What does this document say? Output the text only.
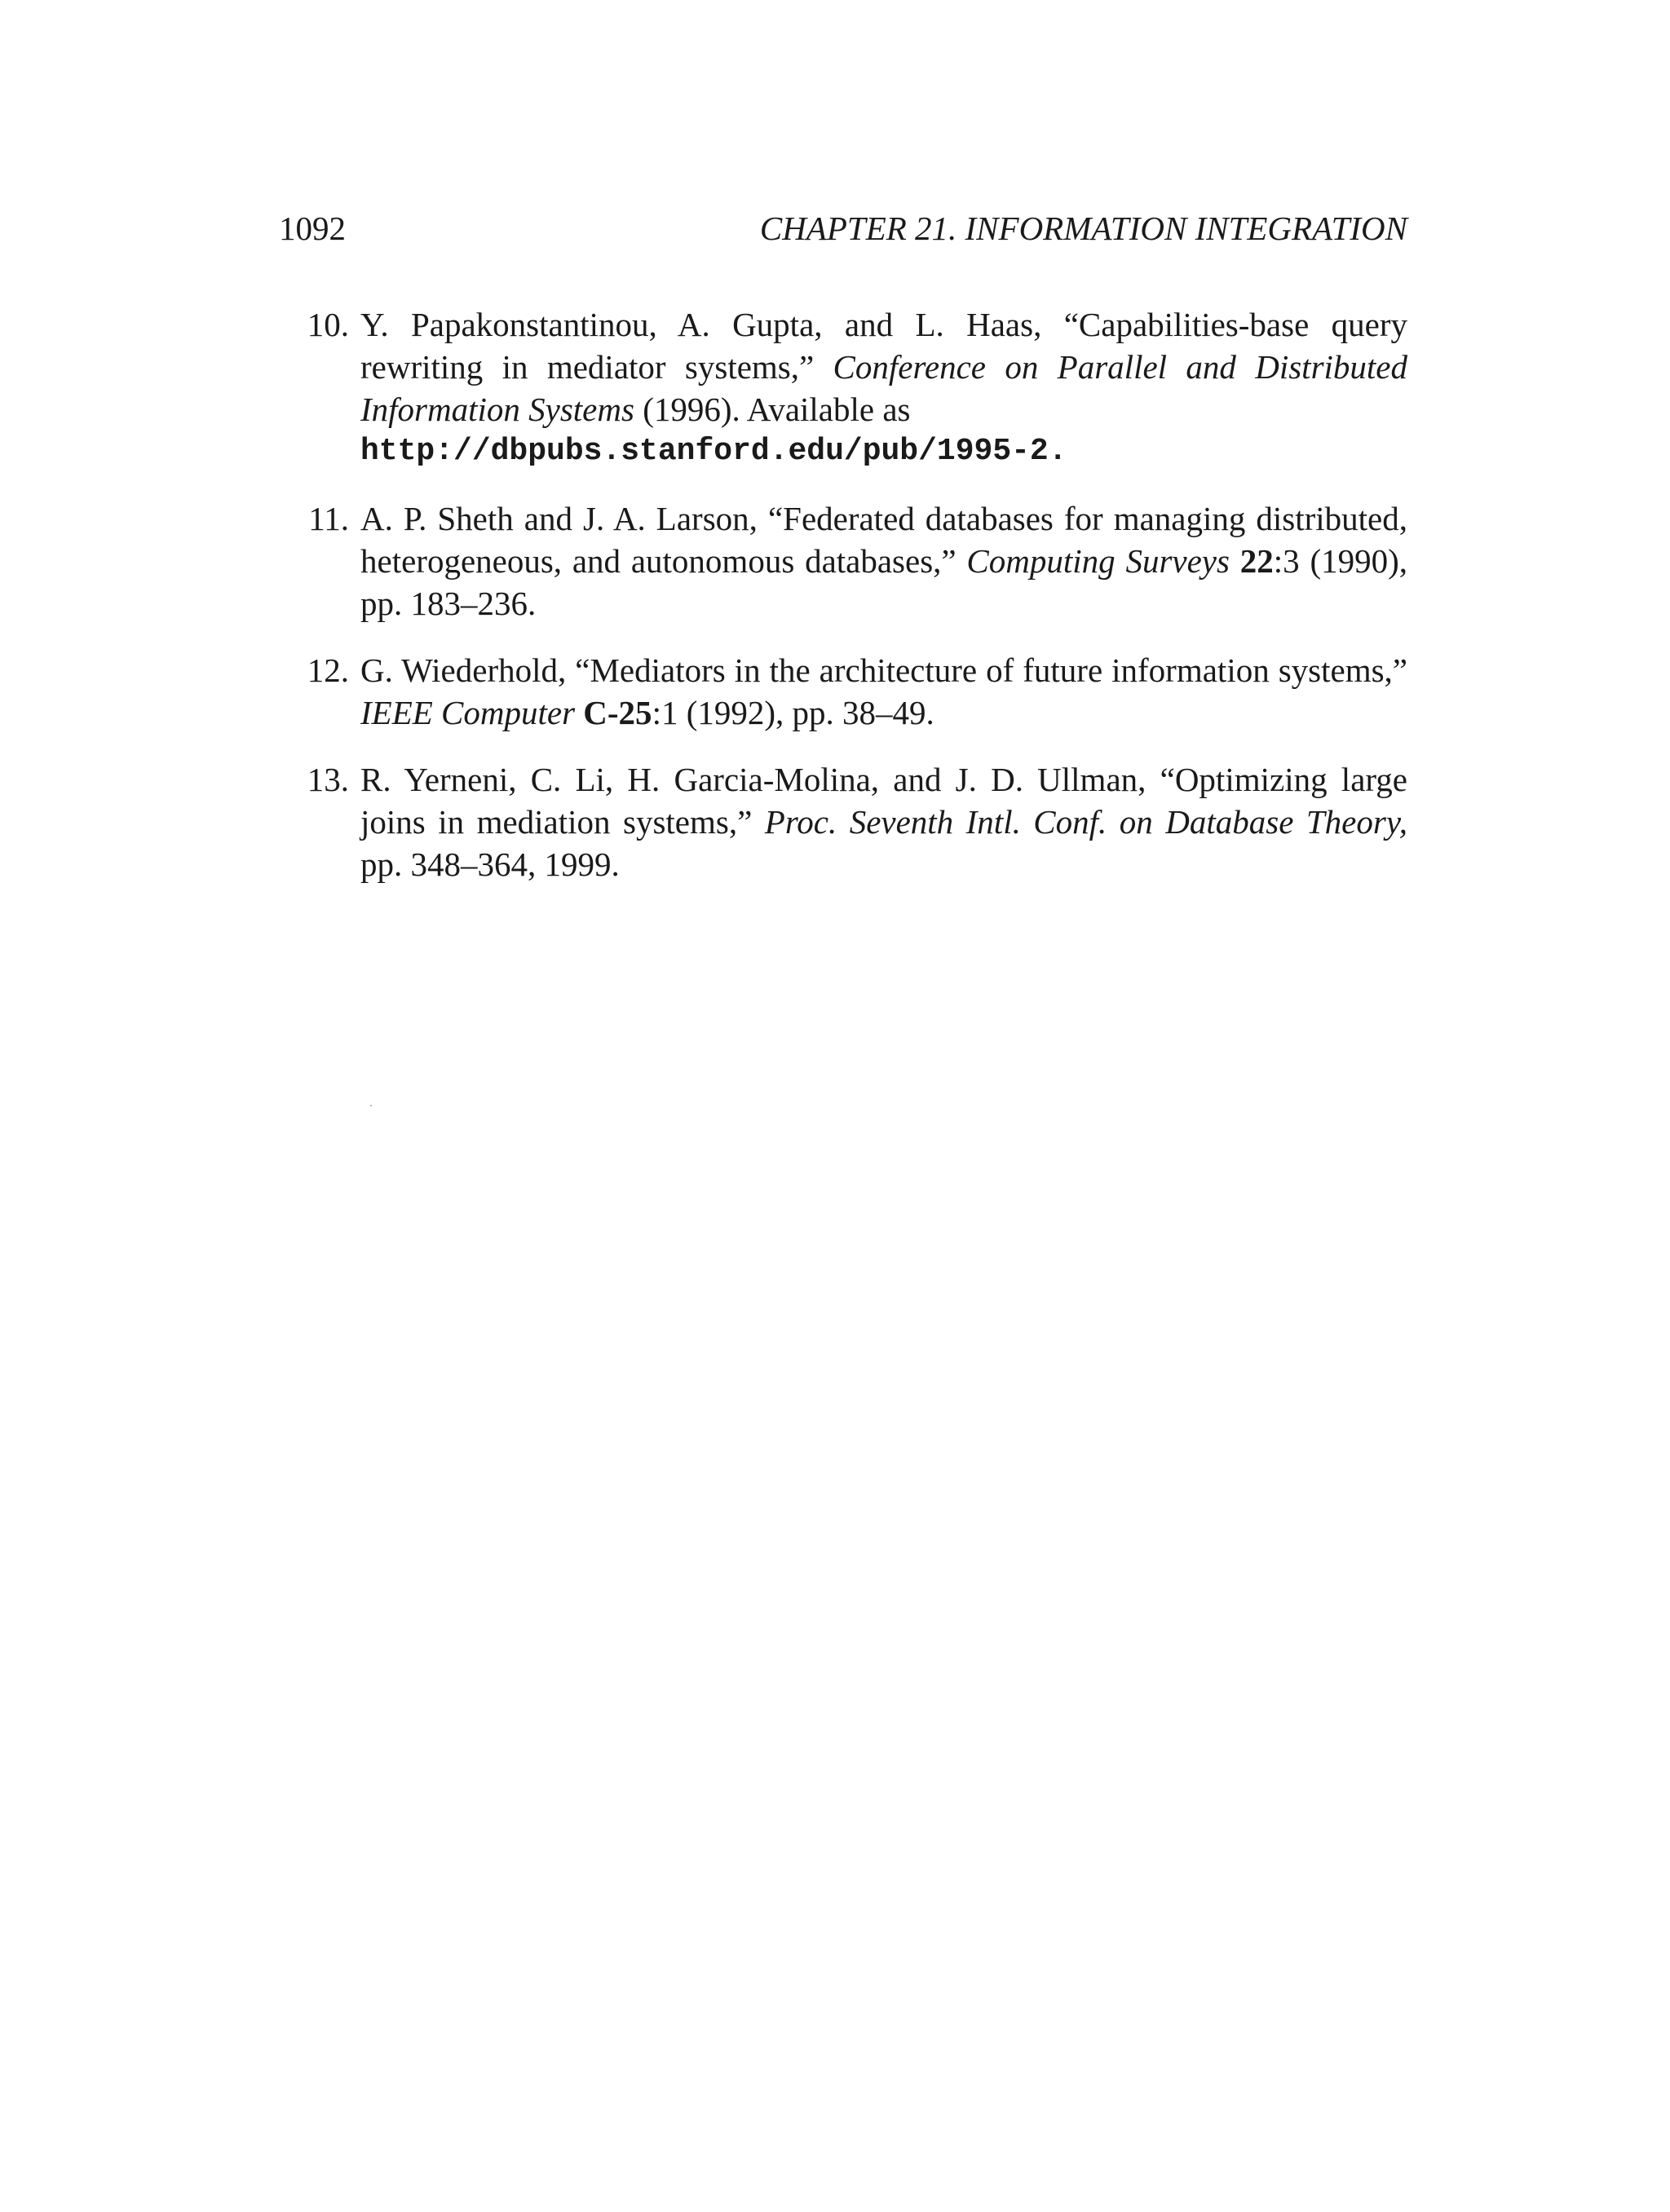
1092	CHAPTER 21. INFORMATION INTEGRATION
10. Y. Papakonstantinou, A. Gupta, and L. Haas, “Capabilities-base query rewriting in mediator systems,” Conference on Parallel and Distributed Information Systems (1996). Available as
http://dbpubs.stanford.edu/pub/1995-2.
11. A. P. Sheth and J. A. Larson, “Federated databases for managing distributed, heterogeneous, and autonomous databases,” Computing Surveys 22:3 (1990), pp. 183–236.
12. G. Wiederhold, “Mediators in the architecture of future information systems,” IEEE Computer C-25:1 (1992), pp. 38–49.
13. R. Yerneni, C. Li, H. Garcia-Molina, and J. D. Ullman, “Optimizing large joins in mediation systems,” Proc. Seventh Intl. Conf. on Database Theory, pp. 348–364, 1999.
